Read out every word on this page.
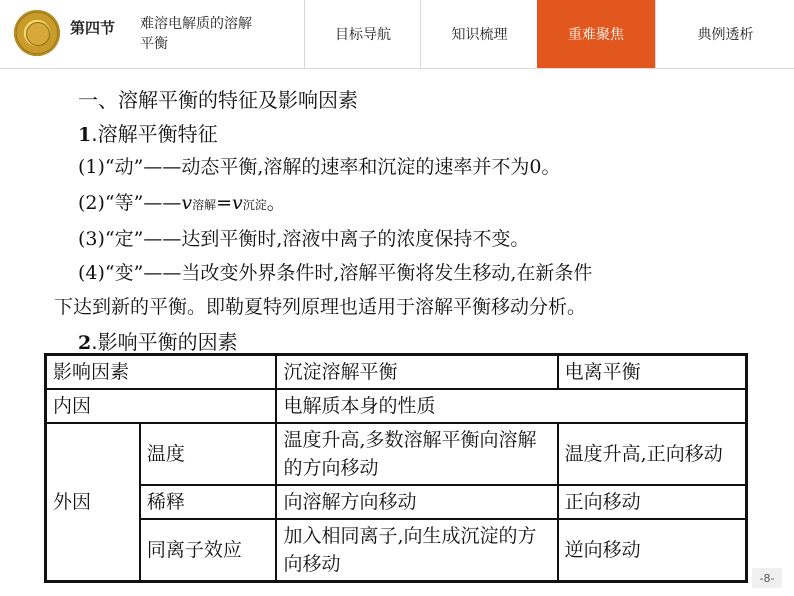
第四节 难溶电解质的溶解平衡
目标导航	知识梳理	重难聚焦	典例透析
一、溶解平衡的特征及影响因素
1.溶解平衡特征
(1)“动”——动态平衡,溶解的速率和沉淀的速率并不为0。
(2)“等”——v溶解=v沉淀。
(3)“定”——达到平衡时,溶液中离子的浓度保持不变。
(4)“变”——当改变外界条件时,溶解平衡将发生移动,在新条件
下达到新的平衡。即勒夏特列原理也适用于溶解平衡移动分析。
2.影响平衡的因素
影响因素		沉淀溶解平衡	电离平衡
内因		电解质本身的性质	
外因	温度	温度升高,多数溶解平衡向溶解的方向移动	温度升高,正向移动
	稀释	向溶解方向移动	正向移动
	同离子效应	加入相同离子,向生成沉淀的方向移动	逆向移动
-8-
